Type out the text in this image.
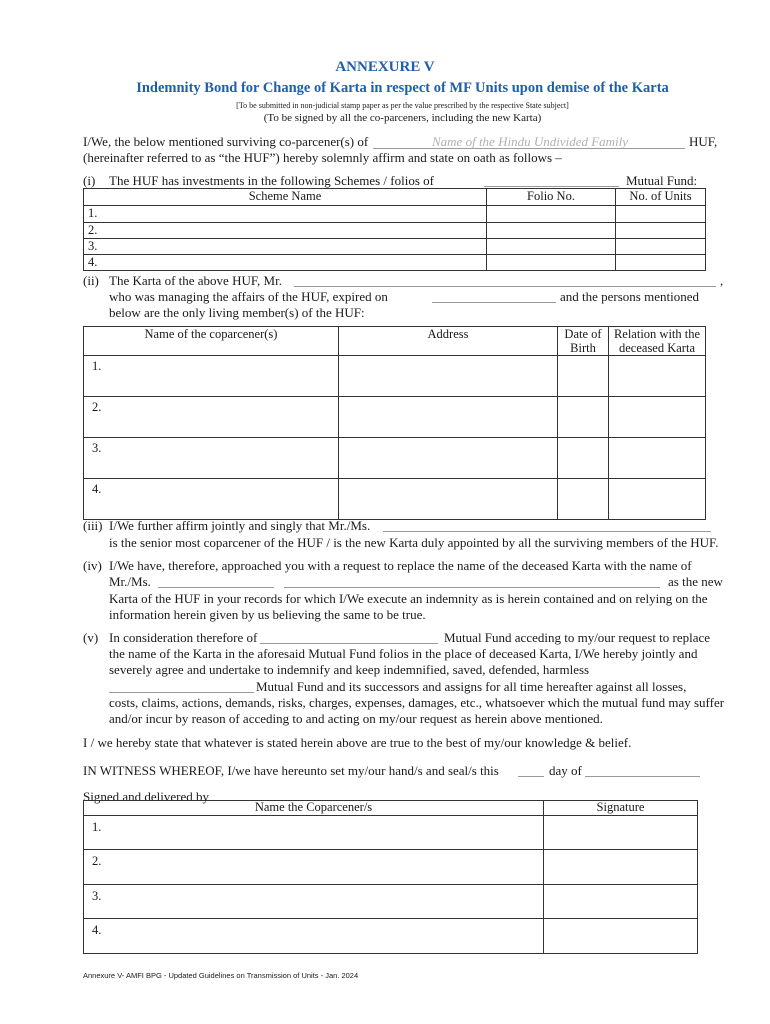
ANNEXURE V
Indemnity Bond for Change of Karta in respect of MF Units upon demise of the Karta
[To be submitted in non-judicial stamp paper as per the value prescribed by the respective State subject]
(To be signed by all the co-parceners, including the new Karta)
I/We, the below mentioned surviving co-parcener(s) of	Name of the Hindu Undivided Family	HUF,
(hereinafter referred to as “the HUF”) hereby solemnly affirm and state on oath as follows –
(i) The HUF has investments in the following Schemes / folios of	Mutual Fund:
Scheme Name	Folio No.	No. of Units
1.		
2.		
3.		
4.		
(ii) The Karta of the above HUF, Mr.	,
who was managing the affairs of the HUF, expired on	and the persons mentioned
below are the only living member(s) of the HUF:
Name of the coparcener(s)	Address	Date of Birth	Relation with the deceased Karta
1.			
2.			
3.			
4.			
(iii) I/We further affirm jointly and singly that Mr./Ms.
is the senior most coparcener of the HUF / is the new Karta duly appointed by all the surviving members of the HUF.
(iv) I/We have, therefore, approached you with a request to replace the name of the deceased Karta with the name of
Mr./Ms.	as the new
Karta of the HUF in your records for which I/We execute an indemnity as is herein contained and on relying on the
information herein given by us believing the same to be true.
(v) In consideration therefore of	Mutual Fund acceding to my/our request to replace
the name of the Karta in the aforesaid Mutual Fund folios in the place of deceased Karta, I/We hereby jointly and
severely agree and undertake to indemnify and keep indemnified, saved, defended, harmless
Mutual Fund and its successors and assigns for all time hereafter against all losses,
costs, claims, actions, demands, risks, charges, expenses, damages, etc., whatsoever which the mutual fund may suffer
and/or incur by reason of acceding to and acting on my/our request as herein above mentioned.
I / we hereby state that whatever is stated herein above are true to the best of my/our knowledge & belief.
IN WITNESS WHEREOF, I/we have hereunto set my/our hand/s and seal/s this	day of
Signed and delivered by
Name the Coparcener/s	Signature
1.	
2.	
3.	
4.	
Annexure V- AMFI BPG - Updated Guidelines on Transmission of Units - Jan. 2024
